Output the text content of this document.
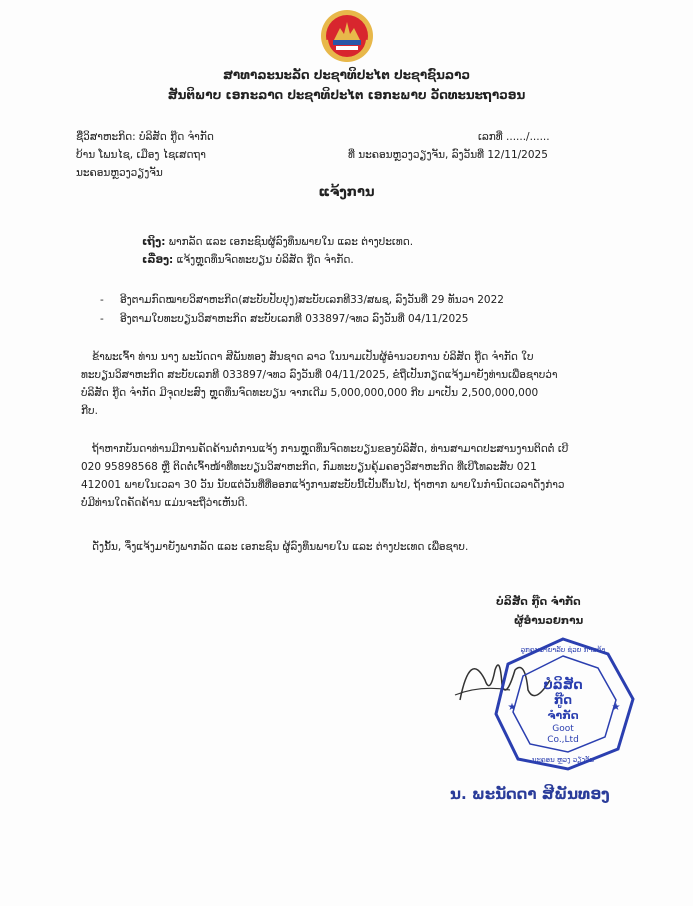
ສາທາລະນະລັດ ປະຊາທິປະໄຕ ປະຊາຊົນລາວ
ສັນຕິພາບ ເອກະລາດ ປະຊາທິປະໄຕ ເອກະພາບ ວັດທະນະຖາວອນ
ຊື່ວິສາຫະກິດ: ບໍລິສັດ ກູ໊ດ ຈຳກັດ
ບ້ານ ໂພນໄຊ, ເມືອງ ໄຊເສດຖາ
ນະຄອນຫຼວງວຽງຈັນ
ເລກທີ່ ....../......
ທີ່ ນະຄອນຫຼວງວຽງຈັນ, ລົງວັນທີ່ 12/11/2025
ແຈ້ງການ
ເຖິງ: ພາກລັດ ແລະ ເອກະຊົນຜູ້ລົງທຶນພາຍໃນ ແລະ ຕ່າງປະເທດ.
ເລື່ອງ: ແຈ້ງຫຼຸດທຶນຈົດທະບຽນ ບໍລິສັດ ກູ໊ດ ຈຳກັດ.
- ອີງຕາມກົດໝາຍວິສາຫະກິດ(ສະບັບປັບປຸງ)ສະບັບເລກທີ33/ສພຊ, ລົງວັນທີ່ 29 ທັນວາ 2022
- ອີງຕາມໃບທະບຽນວິສາຫະກິດ ສະບັບເລກທີ 033897/ຈທວ ລົງວັນທີ່ 04/11/2025
ຂ້າພະເຈົ້າ ທ່ານ ນາງ ພະນັດດາ ສີພັນທອງ ສັນຊາດ ລາວ ໃນນາມເປັນຜູ້ອຳນວຍການ ບໍລິສັດ ກູ໊ດ ຈຳກັດ ໃບ
ທະບຽນວິສາຫະກິດ ສະບັບເລກທີ 033897/ຈທວ ລົງວັນທີ່ 04/11/2025, ຂໍຖືເປັນກຽດແຈ້ງມາຍັງທ່ານເພື່ອຊາບວ່າ
ບໍລິສັດ ກູ໊ດ ຈຳກັດ ມີຈຸດປະສົງ ຫຼຸດທຶນຈົດທະບຽນ ຈາກເດີມ 5,000,000,000 ກີບ ມາເປັນ 2,500,000,000
ກີບ.
ຖ້າຫາກບັນດາທ່ານມີການຄັດຄ້ານຕໍ່ການແຈ້ງ ການຫຼຸດທຶນຈົດທະບຽນຂອງບໍລິສັດ, ທ່ານສາມາດປະສານງານຕິດຕໍ່ ເບີ
020 95898568 ຫຼື ຕິດຕໍ່ເຈົ້າໜ້າທີ່ທະບຽນວິສາຫະກິດ, ກົມທະບຽນຄຸ້ມຄອງວິສາຫະກິດ ທີ່ເບີໂທລະສັບ 021
412001 ພາຍໃນເວລາ 30 ວັນ ນັບແຕ່ວັນທີ່ທີ່ອອກແຈ້ງການສະບັບນີ້ເປັນຕົ້ນໄປ, ຖ້າຫາກ ພາຍໃນກຳນົດເວລາດັ່ງກ່າວ
ບໍ່ມີທ່ານໃດຄັດຄ້ານ ແມ່ນຈະຖືວ່າເຫັນດີ.
ດັ່ງນັ້ນ, ຈຶ່ງແຈ້ງມາຍັງພາກລັດ ແລະ ເອກະຊົນ ຜູ້ລົງທຶນພາຍໃນ ແລະ ຕ່າງປະເທດ ເພື່ອຊາບ.
ບໍລິສັດ ກູ໊ດ ຈຳກັດ
ຜູ້ອຳນວຍການ
ລູກຄະພາຍາລັບ ຊ່ວຍ ການຄ້າ
ບໍລິສັດ
ກູ໊ດ
ຈຳກັດ
Goot
Co.,Ltd
ນະຄອນ ຫຼວງ ວຽງຈັນ
★	★
ນ. ພະນັດດາ ສີພັນທອງ
